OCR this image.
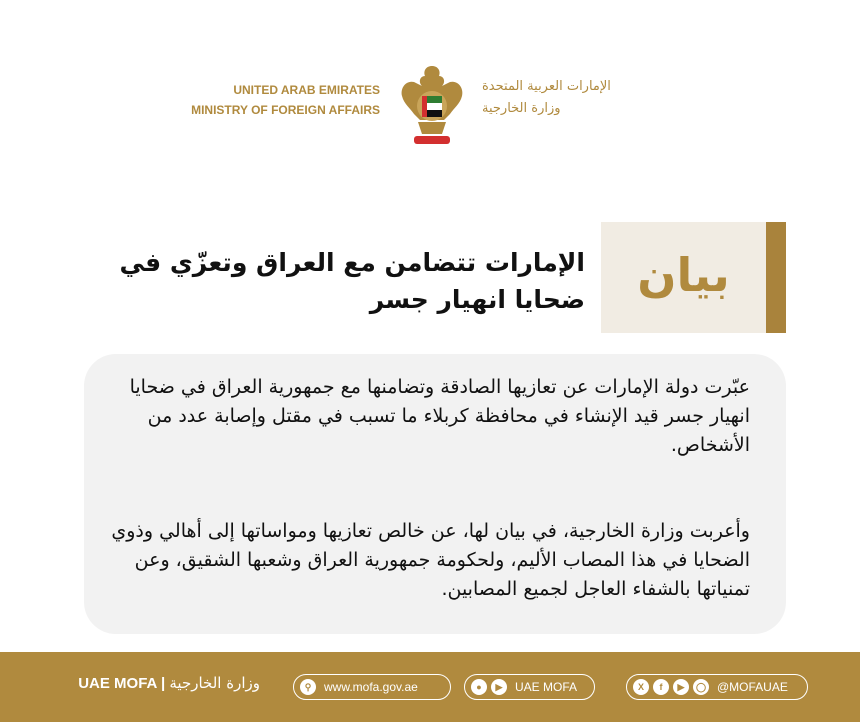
UNITED ARAB EMIRATES
MINISTRY OF FOREIGN AFFAIRS
الإمارات العربية المتحدة
وزارة الخارجية
بيان
الإمارات تتضامن مع العراق وتعزّي في
ضحايا انهيار جسر
عبّرت دولة الإمارات عن تعازيها الصادقة وتضامنها مع جمهورية العراق في ضحايا انهيار جسر قيد الإنشاء في محافظة كربلاء ما تسبب في مقتل وإصابة عدد من الأشخاص.
وأعربت وزارة الخارجية، في بيان لها، عن خالص تعازيها ومواساتها إلى أهالي وذوي الضحايا في هذا المصاب الأليم، ولحكومة جمهورية العراق وشعبها الشقيق، وعن تمنياتها بالشفاء العاجل لجميع المصابين.
UAE MOFA | وزارة الخارجية	⚲	www.mofa.gov.ae	●	▶	UAE MOFA	X	f	▶	◯ @MOFAUAE
